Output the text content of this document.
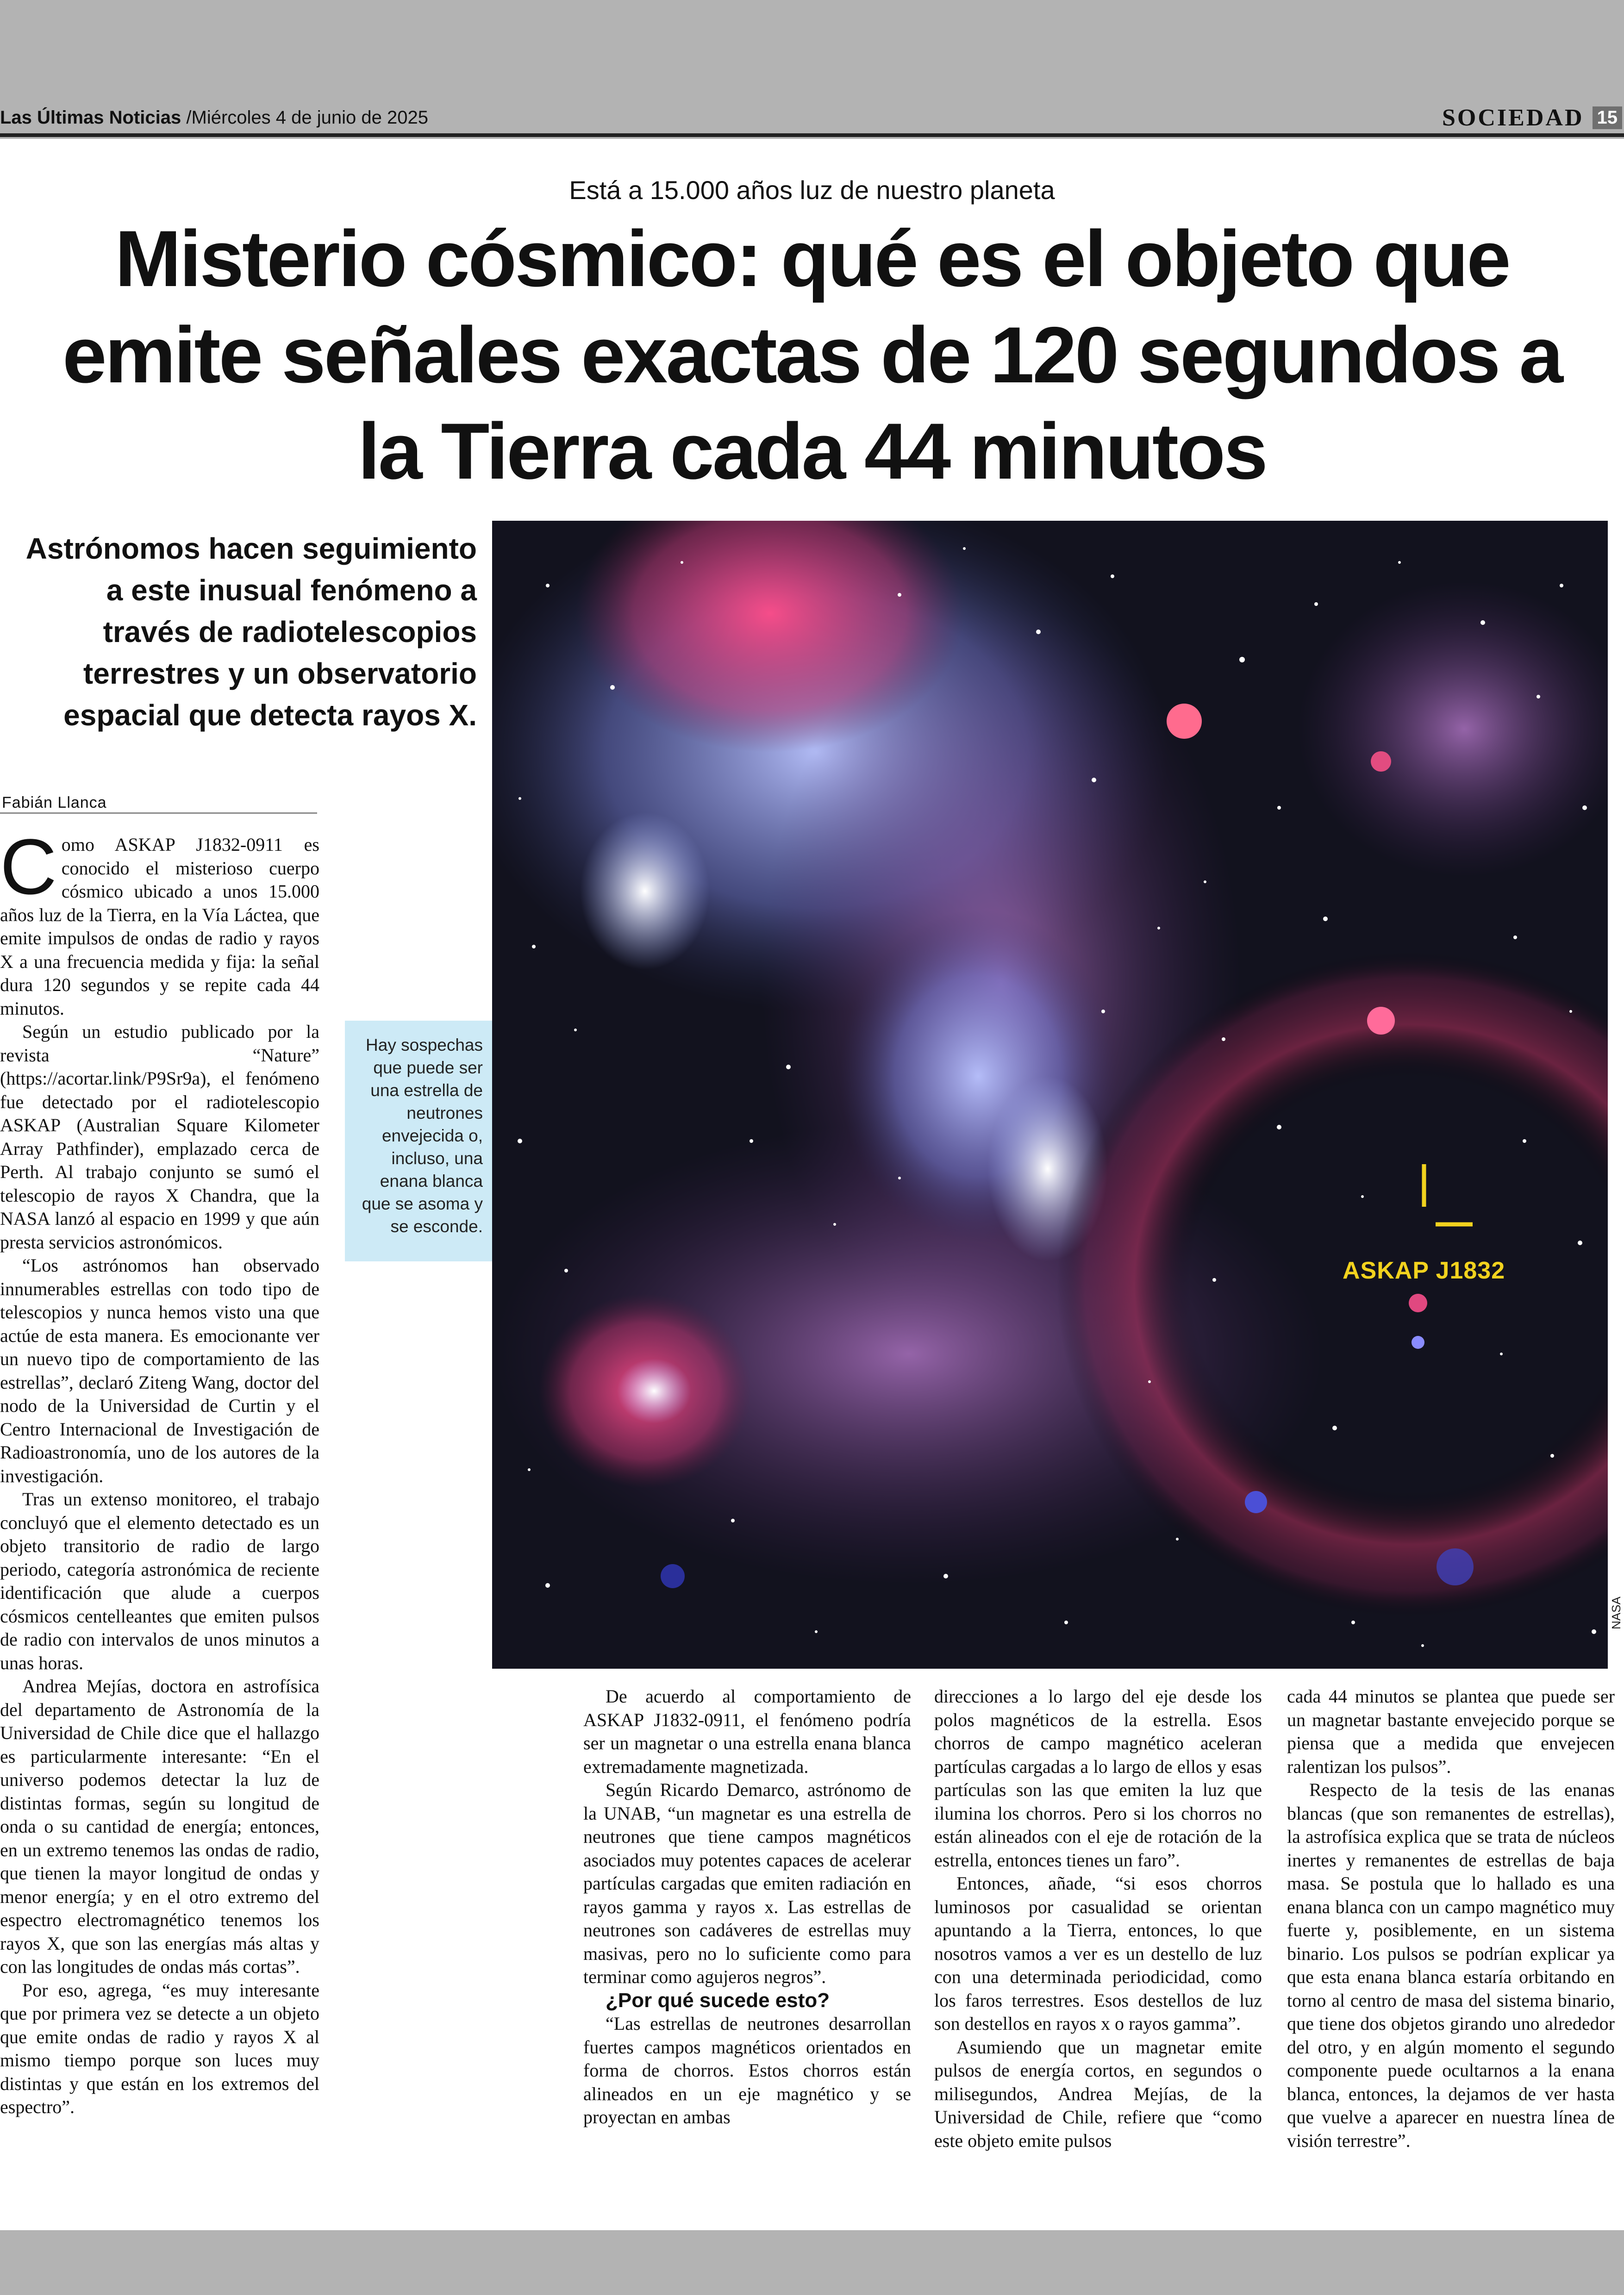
Las Últimas Noticias /Miércoles 4 de junio de 2025	SOCIEDAD 15
Está a 15.000 años luz de nuestro planeta
Misterio cósmico: qué es el objeto que emite señales exactas de 120 segundos a la Tierra cada 44 minutos
Astrónomos hacen seguimiento a este inusual fenómeno a través de radiotelescopios terrestres y un observatorio espacial que detecta rayos X.
ASKAP J1832
NASA
Fabián Llanca
C omo ASKAP J1832-0911 es conocido el misterioso cuerpo cósmico ubicado a unos 15.000 años luz de la Tierra, en la Vía Láctea, que emite impulsos de ondas de radio y rayos X a una frecuencia medida y fija: la señal dura 120 segundos y se repite cada 44 minutos.

Según un estudio publicado por la revista “Nature” (https://acortar.link/P9Sr9a), el fenómeno fue detectado por el radiotelescopio ASKAP (Australian Square Kilometer Array Pathfinder), emplazado cerca de Perth. Al trabajo conjunto se sumó el telescopio de rayos X Chandra, que la NASA lanzó al espacio en 1999 y que aún presta servicios astronómicos.

“Los astrónomos han observado innumerables estrellas con todo tipo de telescopios y nunca hemos visto una que actúe de esta manera. Es emocionante ver un nuevo tipo de comportamiento de las estrellas”, declaró Ziteng Wang, doctor del nodo de la Universidad de Curtin y el Centro Internacional de Investigación de Radioastronomía, uno de los autores de la investigación.

Tras un extenso monitoreo, el trabajo concluyó que el elemento detectado es un objeto transitorio de radio de largo periodo, categoría astronómica de reciente identificación que alude a cuerpos cósmicos centelleantes que emiten pulsos de radio con intervalos de unos minutos a unas horas.

Andrea Mejías, doctora en astrofísica del departamento de Astronomía de la Universidad de Chile dice que el hallazgo es particularmente interesante: “En el universo podemos detectar la luz de distintas formas, según su longitud de onda o su cantidad de energía; entonces, en un extremo tenemos las ondas de radio, que tienen la mayor longitud de ondas y menor energía; y en el otro extremo del espectro electromagnético tenemos los rayos X, que son las energías más altas y con las longitudes de ondas más cortas”.

Por eso, agrega, “es muy interesante que por primera vez se detecte a un objeto que emite ondas de radio y rayos X al mismo tiempo porque son luces muy distintas y que están en los extremos del espectro”.

Hay sospechas que puede ser una estrella de neutrones envejecida o, incluso, una enana blanca que se asoma y se esconde.

De acuerdo al comportamiento de ASKAP J1832-0911, el fenómeno podría ser un magnetar o una estrella enana blanca extremadamente magnetizada.

Según Ricardo Demarco, astrónomo de la UNAB, “un magnetar es una estrella de neutrones que tiene campos magnéticos asociados muy potentes capaces de acelerar partículas cargadas que emiten radiación en rayos gamma y rayos x. Las estrellas de neutrones son cadáveres de estrellas muy masivas, pero no lo suficiente como para terminar como agujeros negros”.

¿Por qué sucede esto?

“Las estrellas de neutrones desarrollan fuertes campos magnéticos orientados en forma de chorros. Estos chorros están alineados en un eje magnético y se proyectan en ambas

direcciones a lo largo del eje desde los polos magnéticos de la estrella. Esos chorros de campo magnético aceleran partículas cargadas a lo largo de ellos y esas partículas son las que emiten la luz que ilumina los chorros. Pero si los chorros no están alineados con el eje de rotación de la estrella, entonces tienes un faro”.

Entonces, añade, “si esos chorros luminosos por casualidad se orientan apuntando a la Tierra, entonces, lo que nosotros vamos a ver es un destello de luz con una determinada periodicidad, como los faros terrestres. Esos destellos de luz son destellos en rayos x o rayos gamma”.

Asumiendo que un magnetar emite pulsos de energía cortos, en segundos o milisegundos, Andrea Mejías, de la Universidad de Chile, refiere que “como este objeto emite pulsos

cada 44 minutos se plantea que puede ser un magnetar bastante envejecido porque se piensa que a medida que envejecen ralentizan los pulsos”.

Respecto de la tesis de las enanas blancas (que son remanentes de estrellas), la astrofísica explica que se trata de núcleos inertes y remanentes de estrellas de baja masa. Se postula que lo hallado es una enana blanca con un campo magnético muy fuerte y, posiblemente, en un sistema binario. Los pulsos se podrían explicar ya que esta enana blanca estaría orbitando en torno al centro de masa del sistema binario, que tiene dos objetos girando uno alrededor del otro, y en algún momento el segundo componente puede ocultarnos a la enana blanca, entonces, la dejamos de ver hasta que vuelve a aparecer en nuestra línea de visión terrestre”.
